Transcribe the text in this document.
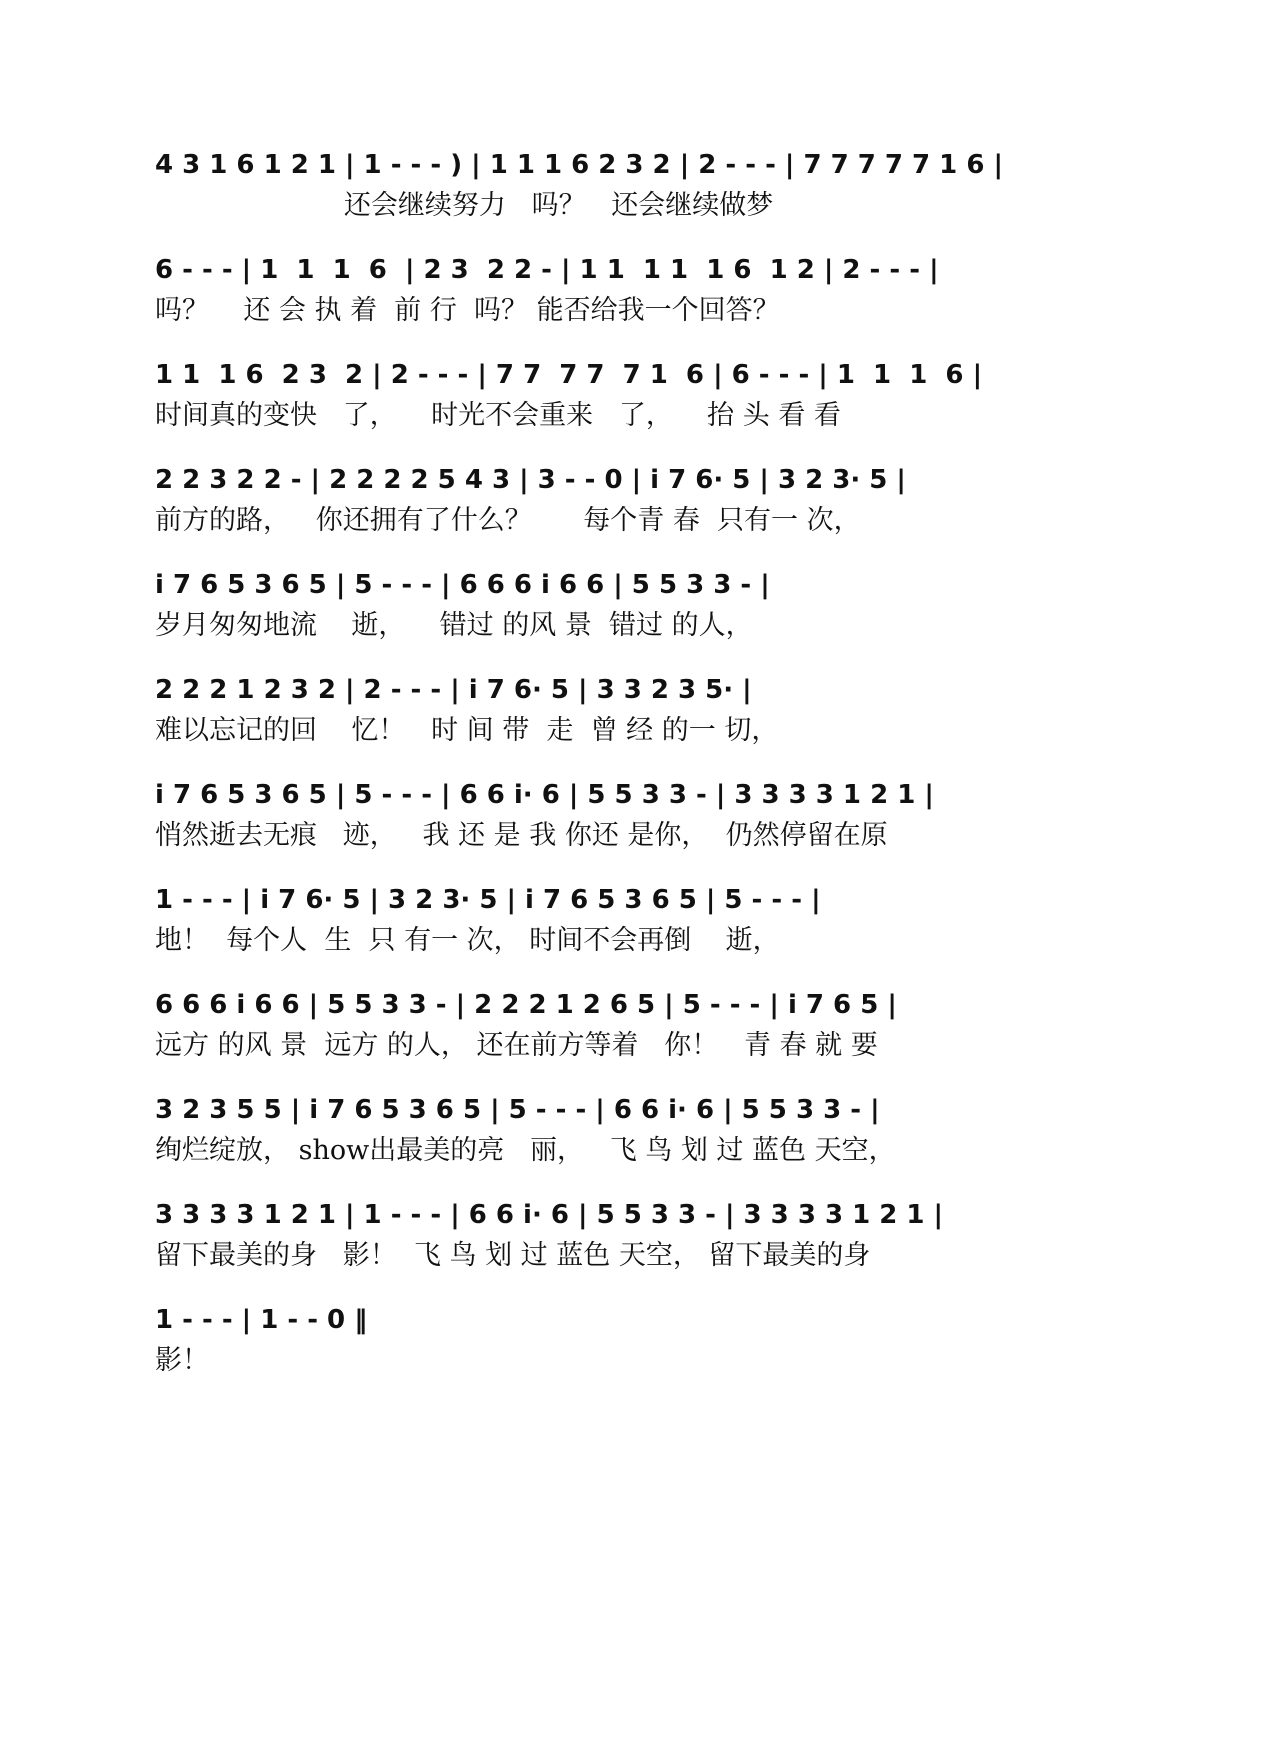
4 3 1 6 1 2 1 | 1 - - - ) | 1 1 1 6 2 3 2 | 2 - - - | 7 7 7 7 7 1 6 |
还会继续努力   吗？   还会继续做梦
6 - - - | 1  1  1  6  | 2 3  2 2 - | 1 1  1 1  1 6  1 2 | 2 - - - |
吗？    还 会 执 着  前 行  吗？ 能否给我一个回答？
1 1  1 6  2 3  2 | 2 - - - | 7 7  7 7  7 1  6 | 6 - - - | 1  1  1  6 |
时间真的变快   了，    时光不会重来   了，    抬 头 看 看
2 2 3 2 2 - | 2 2 2 2 5 4 3 | 3 - - 0 | i 7 6· 5 | 3 2 3· 5 |
前方的路，   你还拥有了什么？      每个青 春  只有一 次，
i 7 6 5 3 6 5 | 5 - - - | 6 6 6 i 6 6 | 5 5 3 3 - |
岁月匆匆地流    逝，    错过 的风 景  错过 的人，
2 2 2 1 2 3 2 | 2 - - - | i 7 6· 5 | 3 3 2 3 5· |
难以忘记的回    忆！   时 间 带  走  曾 经 的一 切，
i 7 6 5 3 6 5 | 5 - - - | 6 6 i· 6 | 5 5 3 3 - | 3 3 3 3 1 2 1 |
悄然逝去无痕   迹，   我 还 是 我 你还 是你，  仍然停留在原
1 - - - | i 7 6· 5 | 3 2 3· 5 | i 7 6 5 3 6 5 | 5 - - - |
地！  每个人  生  只 有一 次， 时间不会再倒    逝，
6 6 6 i 6 6 | 5 5 3 3 - | 2 2 2 1 2 6 5 | 5 - - - | i 7 6 5 |
远方 的风 景  远方 的人， 还在前方等着   你！   青 春 就 要
3 2 3 5 5 | i 7 6 5 3 6 5 | 5 - - - | 6 6 i· 6 | 5 5 3 3 - |
绚烂绽放， show出最美的亮   丽，   飞 鸟 划 过 蓝色 天空，
3 3 3 3 1 2 1 | 1 - - - | 6 6 i· 6 | 5 5 3 3 - | 3 3 3 3 1 2 1 |
留下最美的身   影！  飞 鸟 划 过 蓝色 天空， 留下最美的身
1 - - - | 1 - - 0 ‖
影！
